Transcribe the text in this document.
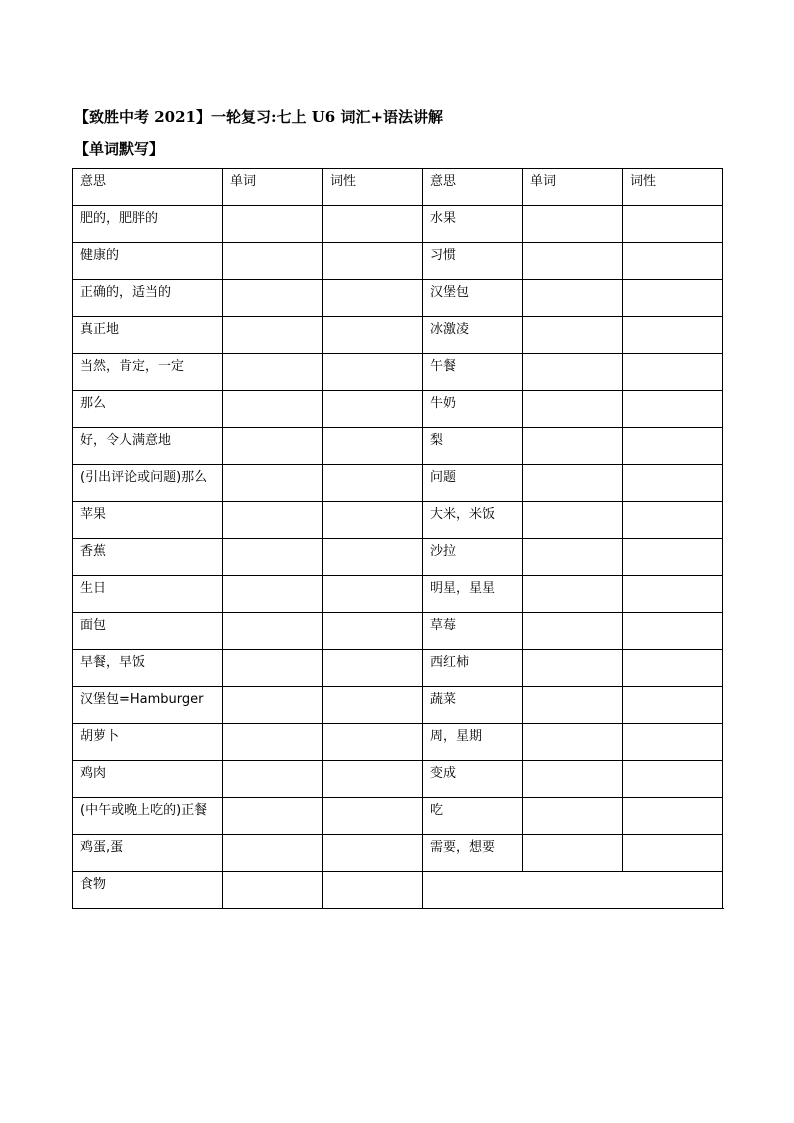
【致胜中考 2021】一轮复习:七上 U6 词汇+语法讲解
【单词默写】
意思	单词	词性	意思	单词	词性

肥的，肥胖的			水果		

健康的			习惯		

正确的，适当的			汉堡包		

真正地			冰激凌		

当然，肯定，一定			午餐		

那么			牛奶		

好，令人满意地			梨		

(引出评论或问题)那么			问题		

苹果			大米，米饭		

香蕉			沙拉		

生日			明星，星星		

面包			草莓		

早餐，早饭			西红柿		

汉堡包=Hamburger			蔬菜		

胡萝卜			周，星期		

鸡肉			变成		

(中午或晚上吃的)正餐			吃		

鸡蛋,蛋			需要，想要		

食物					
